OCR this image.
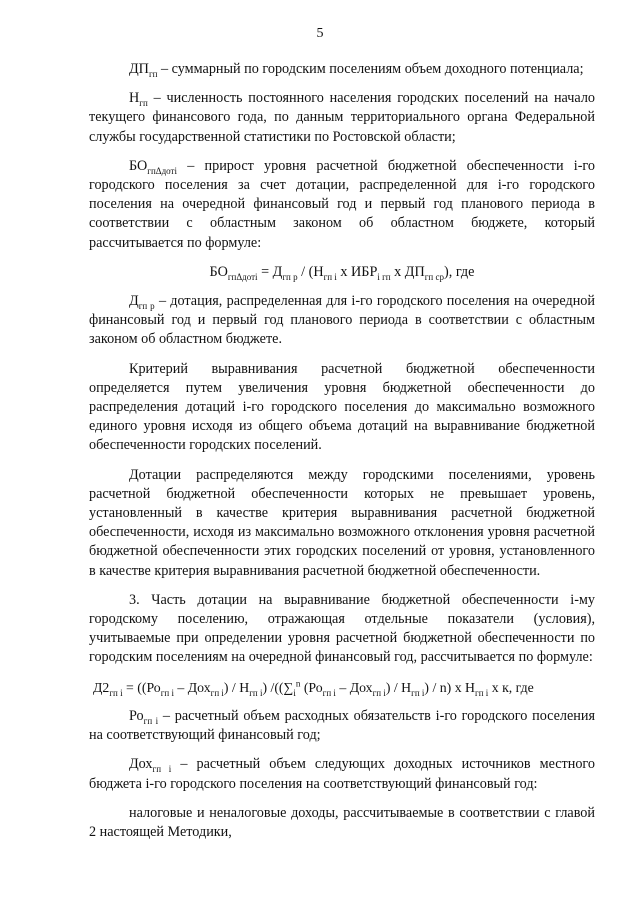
5

$ДП_{гп}$ – суммарный по городским поселениям объем доходного потенциала;

$Н_{гп}$ – численность постоянного населения городских поселений на начало текущего финансового года, по данным территориального органа Федеральной службы государственной статистики по Ростовской области;

$БО_{гп\Delta дотi}$ – прирост уровня расчетной бюджетной обеспеченности i-го городского поселения за счет дотации, распределенной для i-го городского поселения на очередной финансовый год и первый год планового периода в соответствии с областным законом об областном бюджете, который рассчитывается по формуле:

$БО_{гп\Delta дотi} = Д_{гп р} / (Н_{гп i}$ x $ИБР_{i гп}$ x $ДП_{гп ср}$), где

$Д_{гп р}$ – дотация, распределенная для i-го городского поселения на очередной финансовый год и первый год планового периода в соответствии с областным законом об областном бюджете.

Критерий выравнивания расчетной бюджетной обеспеченности определяется путем увеличения уровня бюджетной обеспеченности до распределения дотаций i-го городского поселения до максимально возможного единого уровня исходя из общего объема дотаций на выравнивание бюджетной обеспеченности городских поселений.

Дотации распределяются между городскими поселениями, уровень расчетной бюджетной обеспеченности которых не превышает уровень, установленный в качестве критерия выравнивания расчетной бюджетной обеспеченности, исходя из максимально возможного отклонения уровня расчетной бюджетной обеспеченности этих городских поселений от уровня, установленного в качестве критерия выравнивания расчетной бюджетной обеспеченности.

3. Часть дотации на выравнивание бюджетной обеспеченности i-му городскому поселению, отражающая отдельные показатели (условия), учитываемые при определении уровня расчетной бюджетной обеспеченности по городским поселениям на очередной финансовый год, рассчитывается по формуле:

$Д2_{гп i} = ((Ро_{гп i} - Дох_{гп i}) / Н_{гп i})$ $/((\sum_i^n$ $(Ро_{гп i} - Дох_{гп i}) / Н_{гп i}) / n$) x $Н_{гп i}$ x к, где

$Ро_{гп i}$ – расчетный объем расходных обязательств i-го городского поселения на соответствующий финансовый год;

Дох$_{гп i}$ – расчетный объем следующих доходных источников местного бюджета i-го городского поселения на соответствующий финансовый год:

налоговые и неналоговые доходы, рассчитываемые в соответствии с главой 2 настоящей Методики,
